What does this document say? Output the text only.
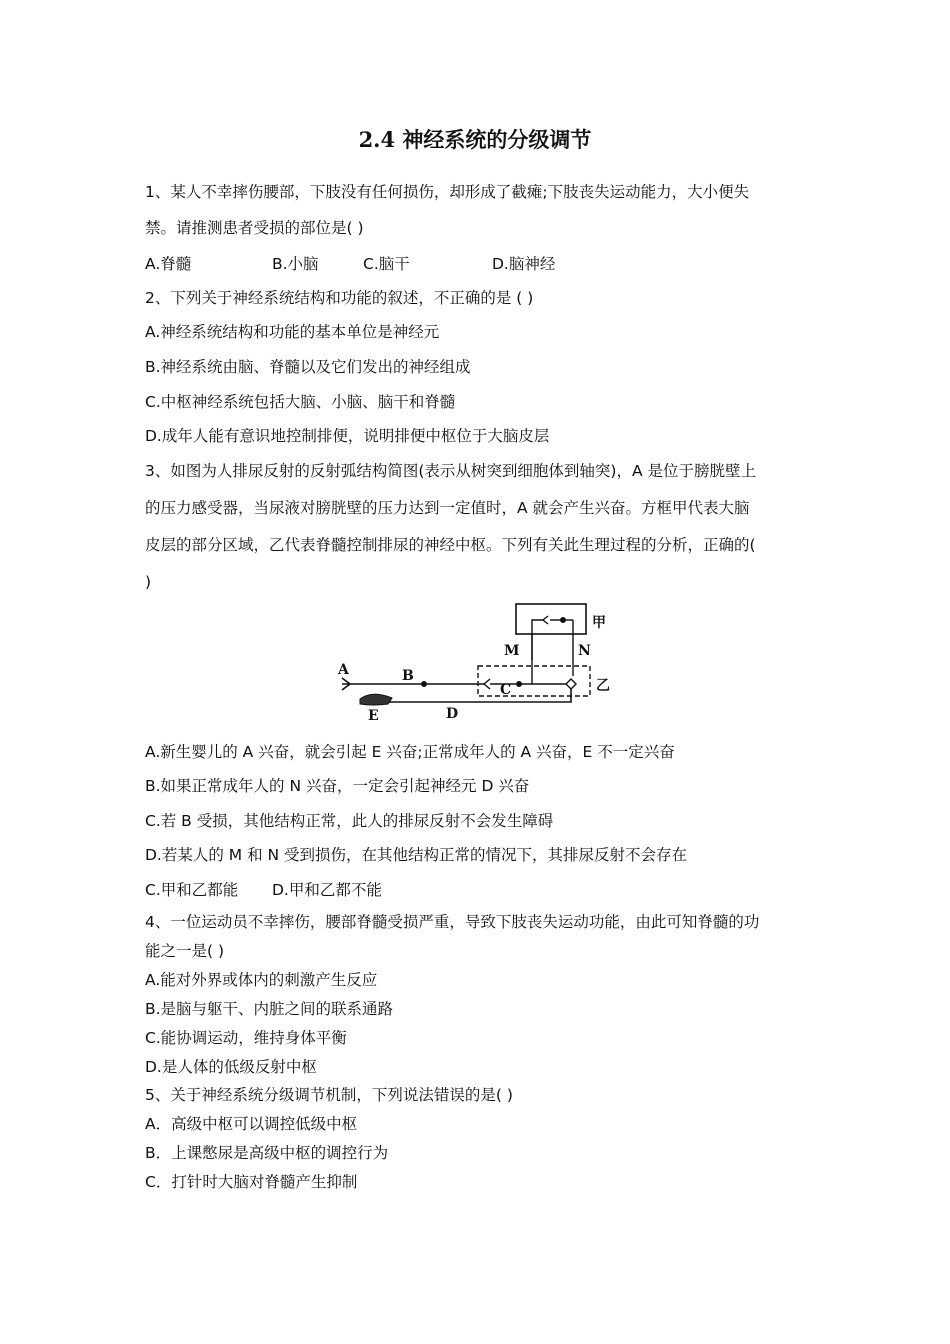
2.4 神经系统的分级调节
1、某人不幸摔伤腰部，下肢没有任何损伤，却形成了截瘫;下肢丧失运动能力，大小便失
禁。请推测患者受损的部位是( )
A.脊髓	B.小脑	C.脑干	D.脑神经
2、下列关于神经系统结构和功能的叙述，不正确的是 ( )
A.神经系统结构和功能的基本单位是神经元
B.神经系统由脑、脊髓以及它们发出的神经组成
C.中枢神经系统包括大脑、小脑、脑干和脊髓
D.成年人能有意识地控制排便，说明排便中枢位于大脑皮层
3、如图为人排尿反射的反射弧结构简图(表示从树突到细胞体到轴突)，A 是位于膀胱壁上
的压力感受器，当尿液对膀胱壁的压力达到一定值时，A 就会产生兴奋。方框甲代表大脑
皮层的部分区域，乙代表脊髓控制排尿的神经中枢。下列有关此生理过程的分析，正确的(
)
A	B
C
D
E
M	N
甲
乙
A.新生婴儿的 A 兴奋，就会引起 E 兴奋;正常成年人的 A 兴奋，E 不一定兴奋
B.如果正常成年人的 N 兴奋，一定会引起神经元 D 兴奋
C.若 B 受损，其他结构正常，此人的排尿反射不会发生障碍
D.若某人的 M 和 N 受到损伤，在其他结构正常的情况下，其排尿反射不会存在
C.甲和乙都能 D.甲和乙都不能
4、一位运动员不幸摔伤，腰部脊髓受损严重，导致下肢丧失运动功能，由此可知脊髓的功
能之一是( )
A.能对外界或体内的刺激产生反应
B.是脑与躯干、内脏之间的联系通路
C.能协调运动，维持身体平衡
D.是人体的低级反射中枢
5、关于神经系统分级调节机制，下列说法错误的是( )
A．高级中枢可以调控低级中枢
B．上课憋尿是高级中枢的调控行为
C．打针时大脑对脊髓产生抑制
